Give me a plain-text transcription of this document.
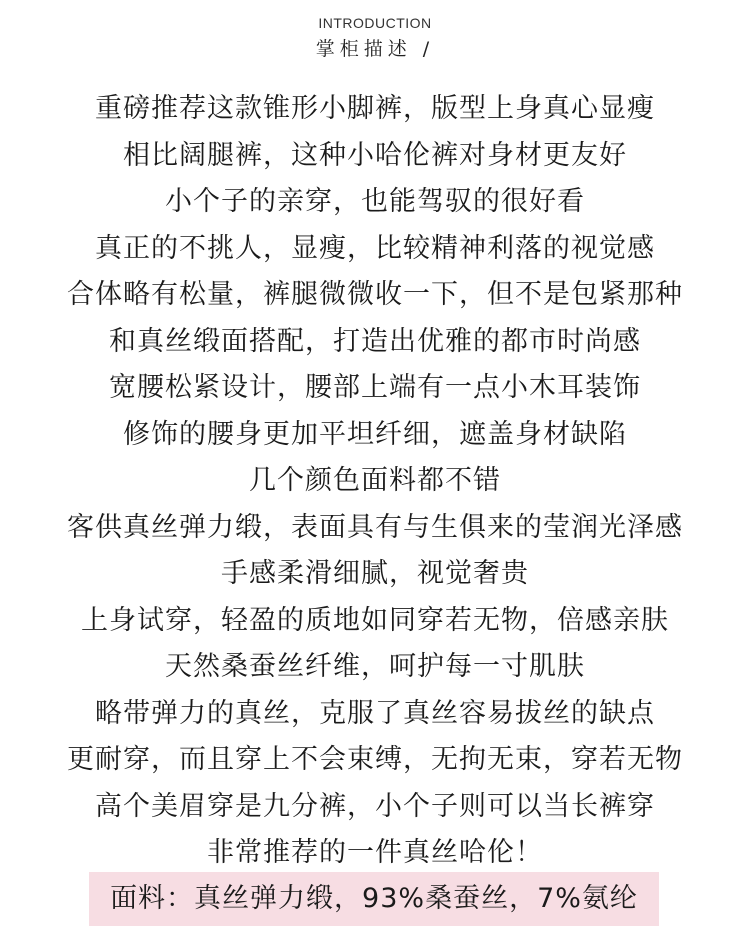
INTRODUCTION
掌柜描述 /
重磅推荐这款锥形小脚裤，版型上身真心显瘦
相比阔腿裤，这种小哈伦裤对身材更友好
小个子的亲穿，也能驾驭的很好看
真正的不挑人，显瘦，比较精神利落的视觉感
合体略有松量，裤腿微微收一下，但不是包紧那种
和真丝缎面搭配，打造出优雅的都市时尚感
宽腰松紧设计，腰部上端有一点小木耳装饰
修饰的腰身更加平坦纤细，遮盖身材缺陷
几个颜色面料都不错
客供真丝弹力缎，表面具有与生俱来的莹润光泽感
手感柔滑细腻，视觉奢贵
上身试穿，轻盈的质地如同穿若无物，倍感亲肤
天然桑蚕丝纤维，呵护每一寸肌肤
略带弹力的真丝，克服了真丝容易拔丝的缺点
更耐穿，而且穿上不会束缚，无拘无束，穿若无物
高个美眉穿是九分裤，小个子则可以当长裤穿
非常推荐的一件真丝哈伦！
面料：真丝弹力缎，93%桑蚕丝，7%氨纶
